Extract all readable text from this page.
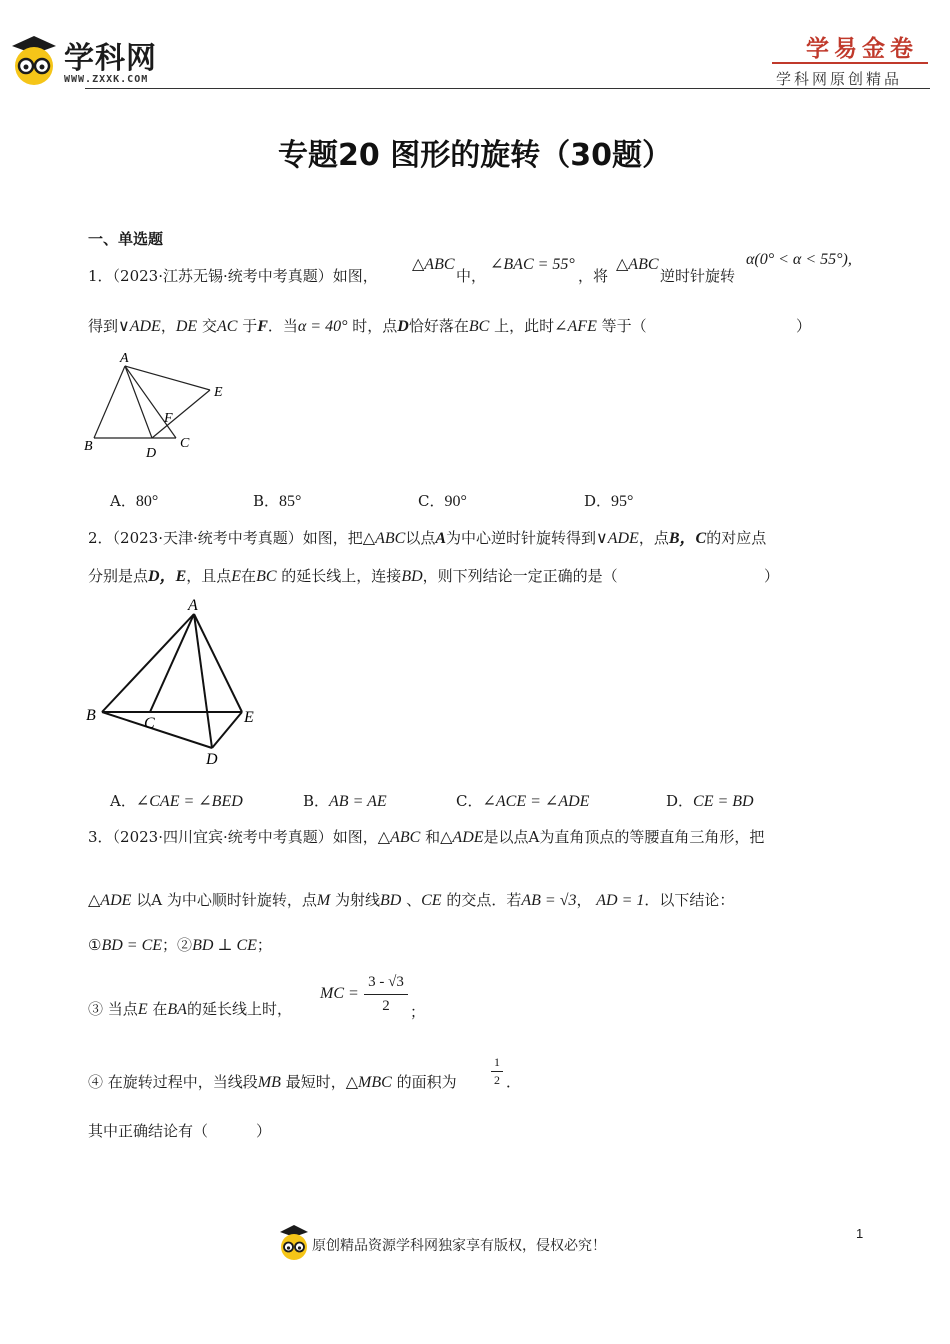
学科网
WWW.ZXXK.COM
学易金卷
学科网原创精品
专题20 图形的旋转（30题）
一、单选题
1．（2023·江苏无锡·统考中考真题）如图，
△ABC
中，
∠BAC = 55°
，将
△ABC
逆时针旋转
α(0° < α < 55°),
得到∨ADE，DE 交AC 于F．当α = 40° 时，点D恰好落在BC 上，此时∠AFE 等于（	）
A
B	C
D
E
F
A．80°	B．85°	C．90°	D．95°
2．（2023·天津·统考中考真题）如图，把△ABC以点A为中心逆时针旋转得到∨ADE，点B，C的对应点
分别是点D，E，且点E在BC 的延长线上，连接BD，则下列结论一定正确的是（	）
A
B	C
D
E
A．∠CAE = ∠BED	B．AB = AE	C．∠ACE = ∠ADE	D．CE = BD
3．（2023·四川宜宾·统考中考真题）如图，△ABC 和△ADE是以点A为直角顶点的等腰直角三角形，把
△ADE 以A 为中心顺时针旋转，点M 为射线BD 、CE 的交点．若AB = √3， AD = 1．以下结论：
①BD = CE；②BD ⊥ CE；
③ 当点E 在BA的延长线上时，
MC =
3 - √3
2	；
④ 在旋转过程中，当线段MB 最短时，△MBC 的面积为
1
2 ．
其中正确结论有（	）
原创精品资源学科网独家享有版权，侵权必究！
1
